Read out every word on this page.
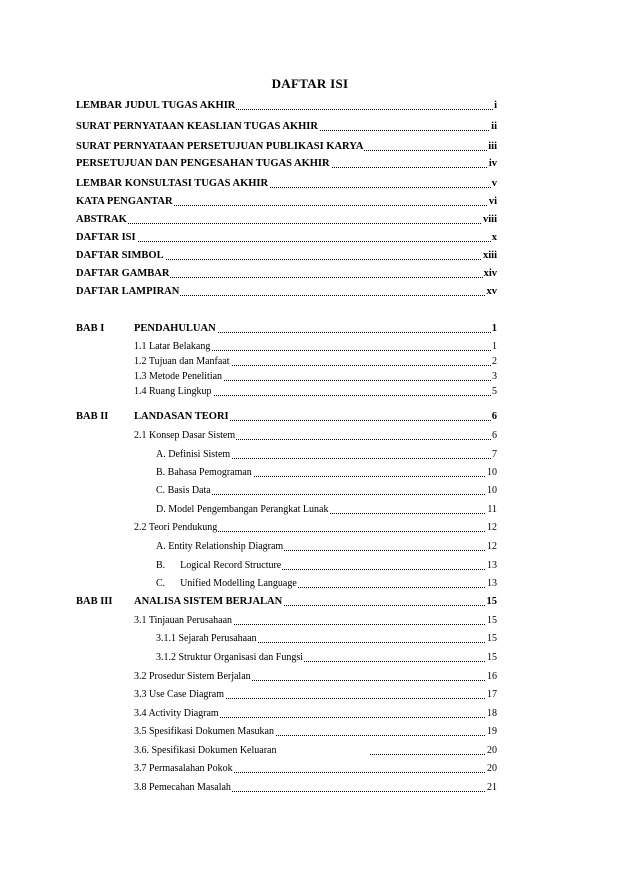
DAFTAR ISI
LEMBAR JUDUL TUGAS AKHIR	i
SURAT PERNYATAAN KEASLIAN TUGAS AKHIR	ii
SURAT PERNYATAAN PERSETUJUAN PUBLIKASI KARYA	iii
PERSETUJUAN DAN PENGESAHAN TUGAS AKHIR	iv
LEMBAR KONSULTASI TUGAS AKHIR	v
KATA PENGANTAR	vi
ABSTRAK	viii
DAFTAR ISI	x
DAFTAR SIMBOL	xiii
DAFTAR GAMBAR	xiv
DAFTAR LAMPIRAN	xv
BAB I	PENDAHULUAN	1
1.1 Latar Belakang	1
1.2 Tujuan dan Manfaat	2
1.3 Metode Penelitian	3
1.4 Ruang Lingkup	5
BAB II LANDASAN TEORI	6
2.1 Konsep Dasar Sistem	6
A. Definisi Sistem	7
B. Bahasa Pemograman	10
C. Basis Data	10
D. Model Pengembangan Perangkat Lunak	11
2.2 Teori Pendukung	12
A. Entity Relationship Diagram	12
B.      Logical Record Structure	13
C.      Unified Modelling Language	13
BAB III ANALISA SISTEM BERJALAN	15
3.1 Tinjauan Perusahaan	15
3.1.1 Sejarah Perusahaan	15
3.1.2 Struktur Organisasi dan Fungsi	15
3.2 Prosedur Sistem Berjalan	16
3.3 Use Case Diagram	17
3.4 Activity Diagram	18
3.5 Spesifikasi Dokumen Masukan	19
3.6. Spesifikasi Dokumen Keluaran	20
3.7 Permasalahan Pokok	20
3.8 Pemecahan Masalah	21
